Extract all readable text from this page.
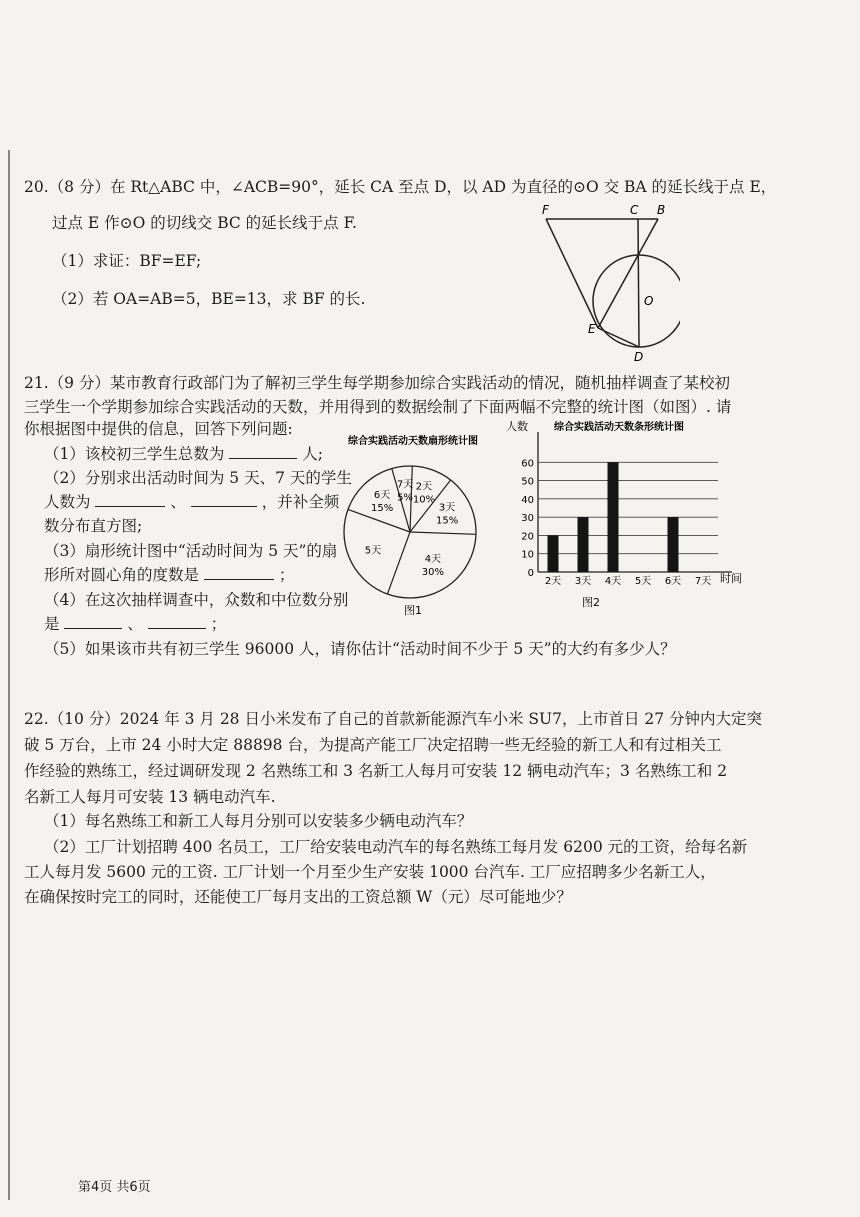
20.（8 分）在 Rt△ABC 中，∠ACB=90°，延长 CA 至点 D，以 AD 为直径的⊙O 交 BA 的延长线于点 E，
过点 E 作⊙O 的切线交 BC 的延长线于点 F.
（1）求证：BF=EF;
（2）若 OA=AB=5，BE=13，求 BF 的长.
F	C B
O
E
D
21.（9 分）某市教育行政部门为了解初三学生每学期参加综合实践活动的情况，随机抽样调查了某校初
三学生一个学期参加综合实践活动的天数，并用得到的数据绘制了下面两幅不完整的统计图（如图）. 请
你根据图中提供的信息，回答下列问题:
（1）该校初三学生总数为	人;
（2）分别求出活动时间为 5 天、7 天的学生
人数为	、	，并补全频
数分布直方图;
（3）扇形统计图中“活动时间为 5 天”的扇
形所对圆心角的度数是	；
（4）在这次抽样调查中，众数和中位数分别
是	、	；
（5）如果该市共有初三学生 96000 人，请你估计“活动时间不少于 5 天”的大约有多少人？
综合实践活动天数扇形统计图
2天
10%
3天
15%
4天
30%
5天
6天
15%
7天
5%
图1
人数	综合实践活动天数条形统计图
0
10
20
30
40
50
60
2天 3天 4天 5天 6天 7天 时间
图2
22.（10 分）2024 年 3 月 28 日小米发布了自己的首款新能源汽车小米 SU7，上市首日 27 分钟内大定突
破 5 万台，上市 24 小时大定 88898 台，为提高产能工厂决定招聘一些无经验的新工人和有过相关工
作经验的熟练工，经过调研发现 2 名熟练工和 3 名新工人每月可安装 12 辆电动汽车；3 名熟练工和 2
名新工人每月可安装 13 辆电动汽车.
（1）每名熟练工和新工人每月分别可以安装多少辆电动汽车？
（2）工厂计划招聘 400 名员工，工厂给安装电动汽车的每名熟练工每月发 6200 元的工资，给每名新
工人每月发 5600 元的工资. 工厂计划一个月至少生产安装 1000 台汽车. 工厂应招聘多少名新工人，
在确保按时完工的同时，还能使工厂每月支出的工资总额 W（元）尽可能地少？
第4页 共6页
